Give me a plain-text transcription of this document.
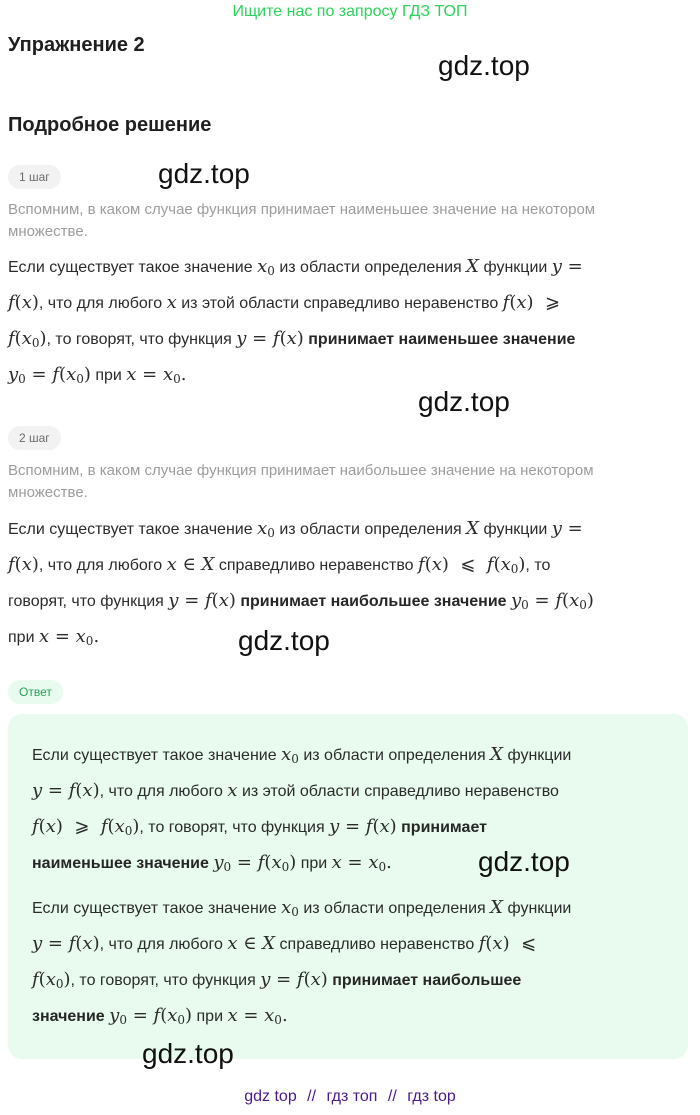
Ищите нас по запросу ГДЗ ТОП
Упражнение 2
gdz.top
Подробное решение
1 шаг	gdz.top
Вспомним, в каком случае функция принимает наименьшее значение на некотором
множестве.
Если существует такое значение $x_0$ из области определения X функции y =
f(x), что для любого x из этой области справедливо неравенство f(x) ⩾
$f(x_0)$, то говорят, что функция y = f(x) принимает наименьшее значение
$y_0 = f(x_0)$ при $x = x_0$.
gdz.top
2 шаг
Вспомним, в каком случае функция принимает наибольшее значение на некотором
множестве.
Если существует такое значение $x_0$ из области определения X функции y =
f(x), что для любого x ∈ X справедливо неравенство f(x) ⩽  $f(x_0)$, то
говорят, что функция y = f(x) принимает наибольшее значение $y_0 = f(x_0)$
при $x = x_0$.	gdz.top
Ответ
Если существует такое значение $x_0$ из области определения X функции
y = f(x), что для любого x из этой области справедливо неравенство
f(x) ⩾  $f(x_0)$, то говорят, что функция y = f(x) принимает
наименьшее значение $y_0 = f(x_0)$ при $x = x_0$.	gdz.top
Если существует такое значение $x_0$ из области определения X функции
y = f(x), что для любого x ∈ X справедливо неравенство f(x) ⩽
$f(x_0)$, то говорят, что функция y = f(x) принимает наибольшее
значение $y_0 = f(x_0)$ при $x = x_0$.
gdz.top
gdz top // гдз топ // гдз top
